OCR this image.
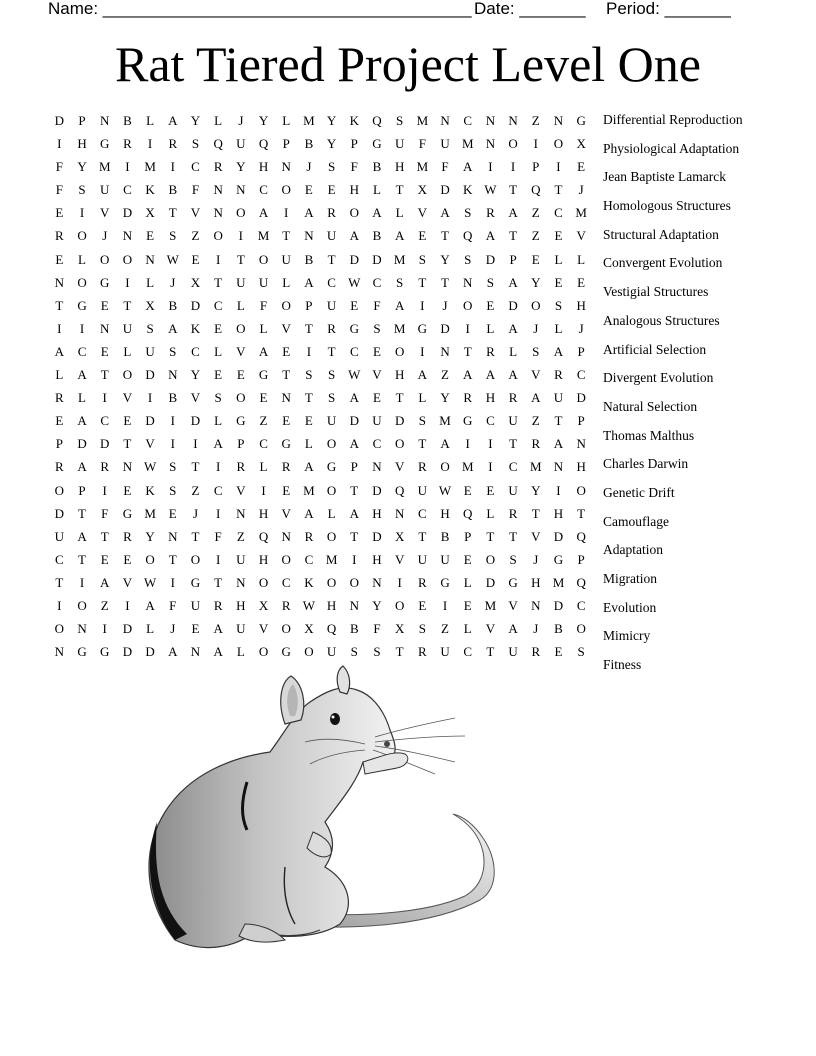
Name: _______________________________________ Date: _______ Period: _______
Rat Tiered Project Level One
D	P	N	B	L	A	Y	L	J	Y	L M Y	K	Q	S	M N	C	N	N	Z	N	G
I	H	G	R	I	R	S	Q	U	Q	P	B	Y	P	G	U	F	U M N	O	I	O	X
F	Y M	I	M	I	C	R	Y	H	N	J	S	F	B	H M	F	A	I	I	P	I	E
F	S	U	C	K	B	F	N	N	C	O	E	E	H	L	T	X	D	K W T	Q	T	J
E	I	V	D	X	T	V	N	O	A	I	A	R	O	A	L	V	A	S	R	A	Z	C M
R	O	J	N	E	S	Z	O	I	M T	N	U	A	B	A	E	T	Q	A	T	Z	E	V
E	L	O	O	N W E	I	T	O	U	B	T	D	D M	S	Y	S	D	P	E	L	L
N	O	G	I	L	J	X	T	U	U	L	A	C W C	S	T	T	N	S	A	Y	E	E
T	G	E	T	X	B	D	C	L	F	O	P	U	E	F	A	I	J	O	E	D	O	S	H
I	I	N	U	S	A	K	E	O	L	V	T	R	G	S	M G	D	I	L	A	J	L	J
A	C	E	L	U	S	C	L	V	A	E	I	T	C	E	O	I	N	T	R	L	S	A	P
L	A	T	O	D	N	Y	E	E	G	T	S	S W V	H	A	Z	A	A	A	V	R	C
R	L	I	V	I	B	V	S	O	E	N	T	S	A	E	T	L	Y	R	H	R	A	U	D
E	A	C	E	D	I	D	L	G	Z	E	E	U	D	U	D	S	M G	C	U	Z	T	P
P	D	D	T	V	I	I	A	P	C	G	L	O	A	C	O	T	A	I	I	T	R	A	N
R	A	R	N W S	T	I	R	L	R	A	G	P	N	V	R	O M	I	C M N	H
O	P	I	E	K	S	Z	C	V	I	E M O	T	D	Q	U W E	E	U	Y	I	O
D	T	F	G M E	J	I	N	H	V	A	L	A	H	N	C	H	Q	L	R	T	H	T
U	A	T	R	Y	N	T	F	Z	Q	N	R	O	T	D	X	T	B	P	T	T	V	D	Q
C	T	E	E	O	T	O	I	U	H	O	C M	I	H	V	U	U	E	O	S	J	G	P
T	I	A	V W	I	G	T	N	O	C	K	O	O	N	I	R	G	L	D	G	H M Q
I	O	Z	I	A	F	U	R	H	X	R W H	N	Y	O	E	I	E M V	N	D	C
O	N	I	D	L	J	E	A	U	V	O	X	Q	B	F	X	S	Z	L	V	A	J	B	O
N	G	G	D	D	A	N	A	L	O	G	O	U	S	S	T	R	U	C	T	U	R	E	S
Differential Reproduction
Physiological Adaptation
Jean Baptiste Lamarck
Homologous Structures
Structural Adaptation
Convergent Evolution
Vestigial Structures
Analogous Structures
Artificial Selection
Divergent Evolution
Natural Selection
Thomas Malthus
Charles Darwin
Genetic Drift
Camouflage
Adaptation
Migration
Evolution
Mimicry
Fitness
